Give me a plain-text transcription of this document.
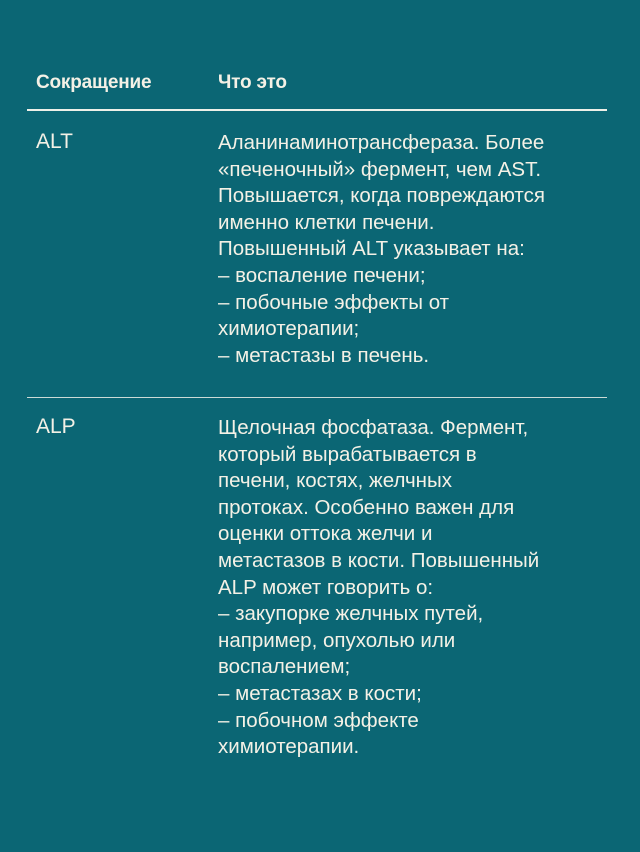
Сокращение	Что это
ALT	Аланинаминотрансфераза. Более
«печеночный» фермент, чем AST.
Повышается, когда повреждаются
именно клетки печени.
Повышенный ALT указывает на:
– воспаление печени;
– побочные эффекты от
химиотерапии;
– метастазы в печень.
ALP	Щелочная фосфатаза. Фермент,
который вырабатывается в
печени, костях, желчных
протоках. Особенно важен для
оценки оттока желчи и
метастазов в кости. Повышенный
ALP может говорить о:
– закупорке желчных путей,
например, опухолью или
воспалением;
– метастазах в кости;
– побочном эффекте
химиотерапии.
